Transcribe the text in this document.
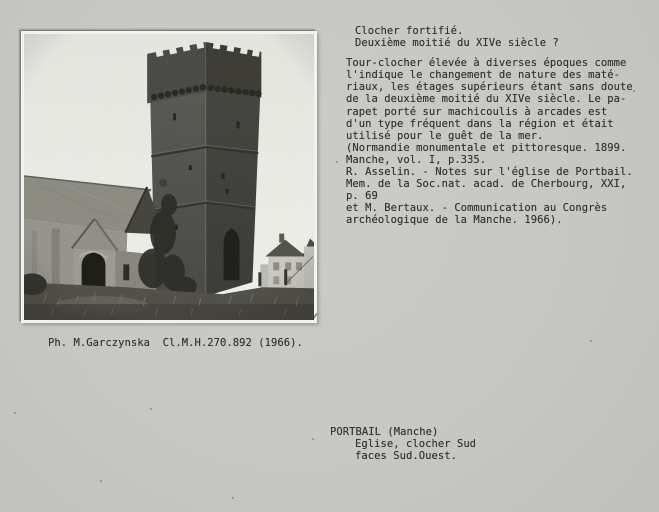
Ph. M.Garczynska  Cl.M.H.270.892 (1966).
Clocher fortifié.
Deuxième moitié du XIVe siècle ?
Tour-clocher élevée à diverses époques comme
l'indique le changement de nature des maté-
riaux, les étages supérieurs étant sans doute
de la deuxième moitié du XIVe siècle. Le pa-
rapet porté sur machicoulis à arcades est
d'un type fréquent dans la région et était
utilisé pour le guêt de la mer.
(Normandie monumentale et pittoresque. 1899.
Manche, vol. I, p.335.
R. Asselin. - Notes sur l'église de Portbail.
Mem. de la Soc.nat. acad. de Cherbourg, XXI,
p. 69
et M. Bertaux. - Communication au Congrès
archéologique de la Manche. 1966).
PORTBAIL (Manche)
Eglise, clocher Sud
faces Sud.Ouest.
